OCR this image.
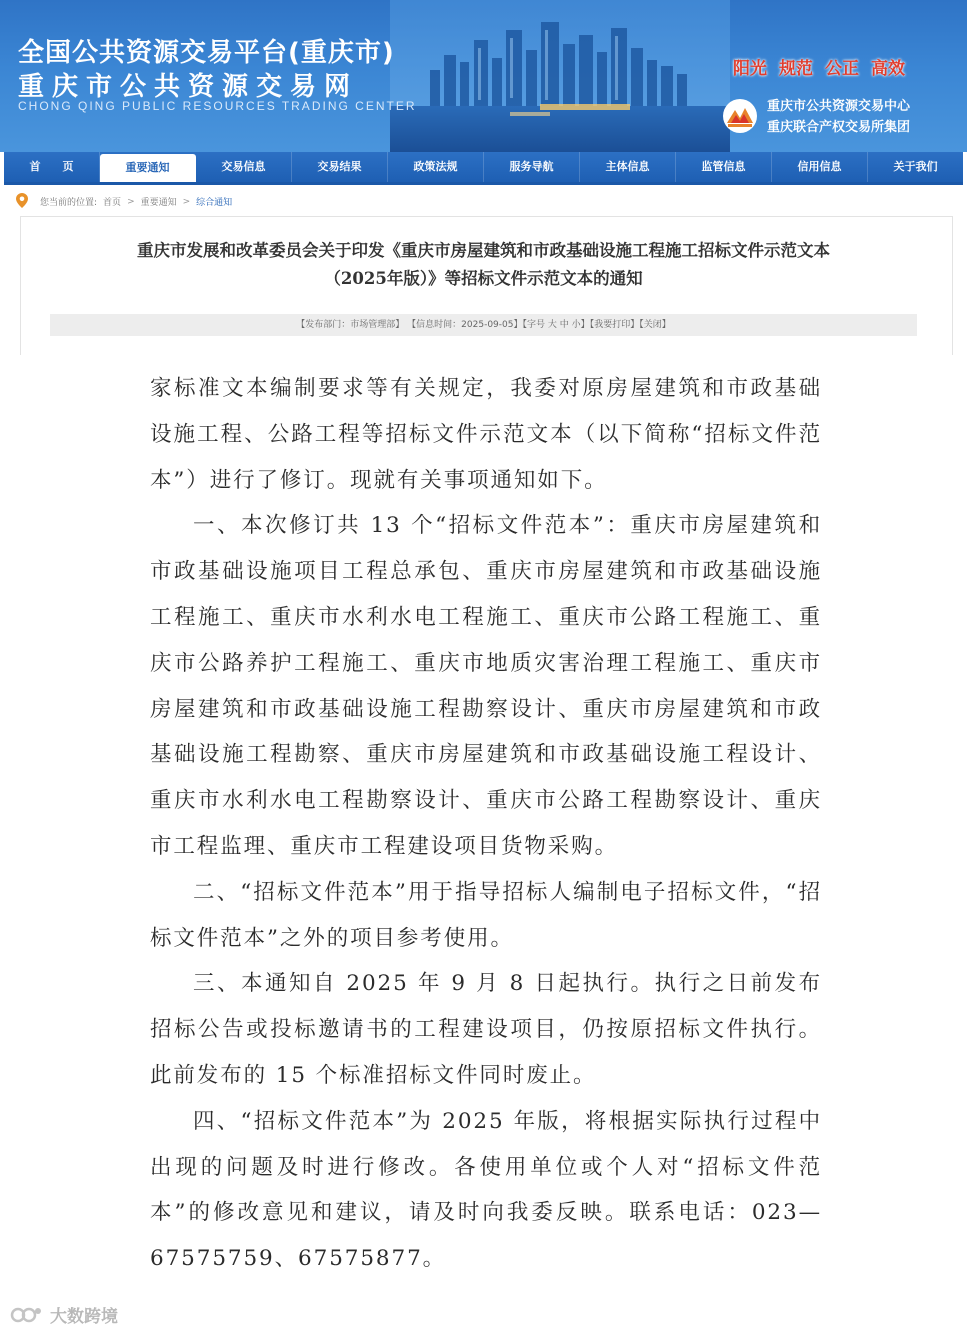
全国公共资源交易平台(重庆市)
重庆市公共资源交易网
CHONG QING PUBLIC RESOURCES TRADING CENTER
阳光 规范 公正 高效
重庆市公共资源交易中心
重庆联合产权交易所集团
首　　页	重要通知	交易信息	交易结果	政策法规	服务导航	主体信息	监管信息	信用信息	关于我们
您当前的位置: 首页 > 重要通知 > 综合通知
重庆市发展和改革委员会关于印发《重庆市房屋建筑和市政基础设施工程施工招标文件示范文本
（2025年版）》等招标文件示范文本的通知
【发布部门：市场管理部】 【信息时间：2025-09-05】【字号 大 中 小】【我要打印】【关闭】

家标准文本编制要求等有关规定，我委对原房屋建筑和市政基础设施工程、公路工程等招标文件示范文本（以下简称“招标文件范本”）进行了修订。现就有关事项通知如下。

一、本次修订共 13 个“招标文件范本”：重庆市房屋建筑和市政基础设施项目工程总承包、重庆市房屋建筑和市政基础设施工程施工、重庆市水利水电工程施工、重庆市公路工程施工、重庆市公路养护工程施工、重庆市地质灾害治理工程施工、重庆市房屋建筑和市政基础设施工程勘察设计、重庆市房屋建筑和市政基础设施工程勘察、重庆市房屋建筑和市政基础设施工程设计、重庆市水利水电工程勘察设计、重庆市公路工程勘察设计、重庆市工程监理、重庆市工程建设项目货物采购。

二、“招标文件范本”用于指导招标人编制电子招标文件，“招标文件范本”之外的项目参考使用。

三、本通知自 2025 年 9 月 8 日起执行。执行之日前发布招标公告或投标邀请书的工程建设项目，仍按原招标文件执行。此前发布的 15 个标准招标文件同时废止。

四、“招标文件范本”为 2025 年版，将根据实际执行过程中出现的问题及时进行修改。各使用单位或个人对“招标文件范本”的修改意见和建议，请及时向我委反映。联系电话：023—67575759、67575877。

大数跨境
